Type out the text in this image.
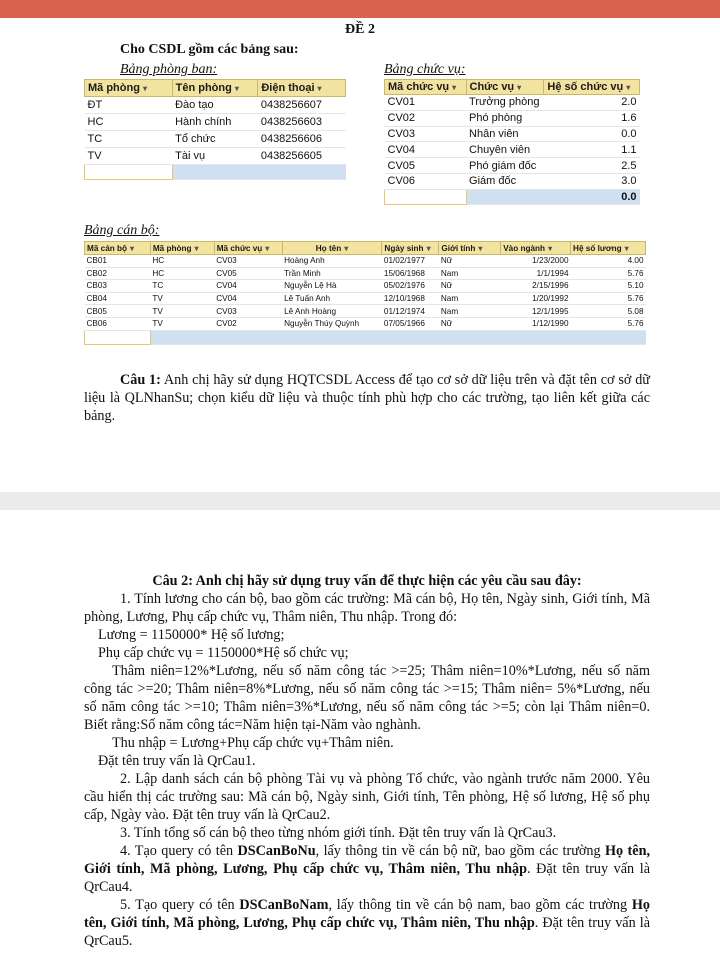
ĐỀ 2
Cho CSDL gồm các bảng sau:
Bảng phòng ban:	Bảng chức vụ:
Mã phòng ▾	Tên phòng ▾	Điện thoại ▾
ĐT	Đào tạo	0438256607
HC	Hành chính	0438256603
TC	Tổ chức	0438256606
TV	Tài vụ	0438256605

Mã chức vụ ▾	Chức vụ ▾	Hệ số chức vụ ▾
CV01	Trưởng phòng	2.0
CV02	Phó phòng	1.6
CV03	Nhân viên	0.0
CV04	Chuyên viên	1.1
CV05	Phó giám đốc	2.5
CV06	Giám đốc	3.0
		0.0
Bảng cán bộ:
Mã cán bộ ▾	Mã phòng ▾	Mã chức vụ ▾	Họ tên ▾	Ngày sinh ▾	Giới tính ▾	Vào ngành ▾	Hệ số lương ▾
CB01	HC	CV03	Hoàng Anh	01/02/1977	Nữ	1/23/2000	4.00
CB02	HC	CV05	Trần Minh	15/06/1968	Nam	1/1/1994	5.76
CB03	TC	CV04	Nguyễn Lệ Hà	05/02/1976	Nữ	2/15/1996	5.10
CB04	TV	CV04	Lê Tuấn Anh	12/10/1968	Nam	1/20/1992	5.76
CB05	TV	CV03	Lê Anh Hoàng	01/12/1974	Nam	12/1/1995	5.08
CB06	TV	CV02	Nguyễn Thúy Quỳnh	07/05/1966	Nữ	1/12/1990	5.76

Câu 1: Anh chị hãy sử dụng HQTCSDL Access để tạo cơ sở dữ liệu trên và đặt tên cơ sở dữ liệu là QLNhanSu; chọn kiểu dữ liệu và thuộc tính phù hợp cho các trường, tạo liên kết giữa các bảng.
Câu 2: Anh chị hãy sử dụng truy vấn để thực hiện các yêu cầu sau đây:
1. Tính lương cho cán bộ, bao gồm các trường: Mã cán bộ, Họ tên, Ngày sinh, Giới tính, Mã phòng, Lương, Phụ cấp chức vụ, Thâm niên, Thu nhập. Trong đó:
Lương = 1150000* Hệ số lương;
Phụ cấp chức vụ = 1150000*Hệ số chức vụ;
Thâm niên=12%*Lương, nếu số năm công tác >=25; Thâm niên=10%*Lương, nếu số năm công tác >=20; Thâm niên=8%*Lương, nếu số năm công tác >=15; Thâm niên= 5%*Lương, nếu số năm công tác >=10; Thâm niên=3%*Lương, nếu số năm công tác >=5; còn lại Thâm niên=0. Biết rằng:Số năm công tác=Năm hiện tại-Năm vào nghành.
Thu nhập = Lương+Phụ cấp chức vụ+Thâm niên.
Đặt tên truy vấn là QrCau1.
2. Lập danh sách cán bộ phòng Tài vụ và phòng Tổ chức, vào ngành trước năm 2000. Yêu cầu hiển thị các trường sau: Mã cán bộ, Ngày sinh, Giới tính, Tên phòng, Hệ số lương, Hệ số phụ cấp, Ngày vào. Đặt tên truy vấn là QrCau2.
3. Tính tổng số cán bộ theo từng nhóm giới tính. Đặt tên truy vấn là QrCau3.
4. Tạo query có tên DSCanBoNu, lấy thông tin về cán bộ nữ, bao gồm các trường Họ tên, Giới tính, Mã phòng, Lương, Phụ cấp chức vụ, Thâm niên, Thu nhập. Đặt tên truy vấn là QrCau4.
5. Tạo query có tên DSCanBoNam, lấy thông tin về cán bộ nam, bao gồm các trường Họ tên, Giới tính, Mã phòng, Lương, Phụ cấp chức vụ, Thâm niên, Thu nhập. Đặt tên truy vấn là QrCau5.
